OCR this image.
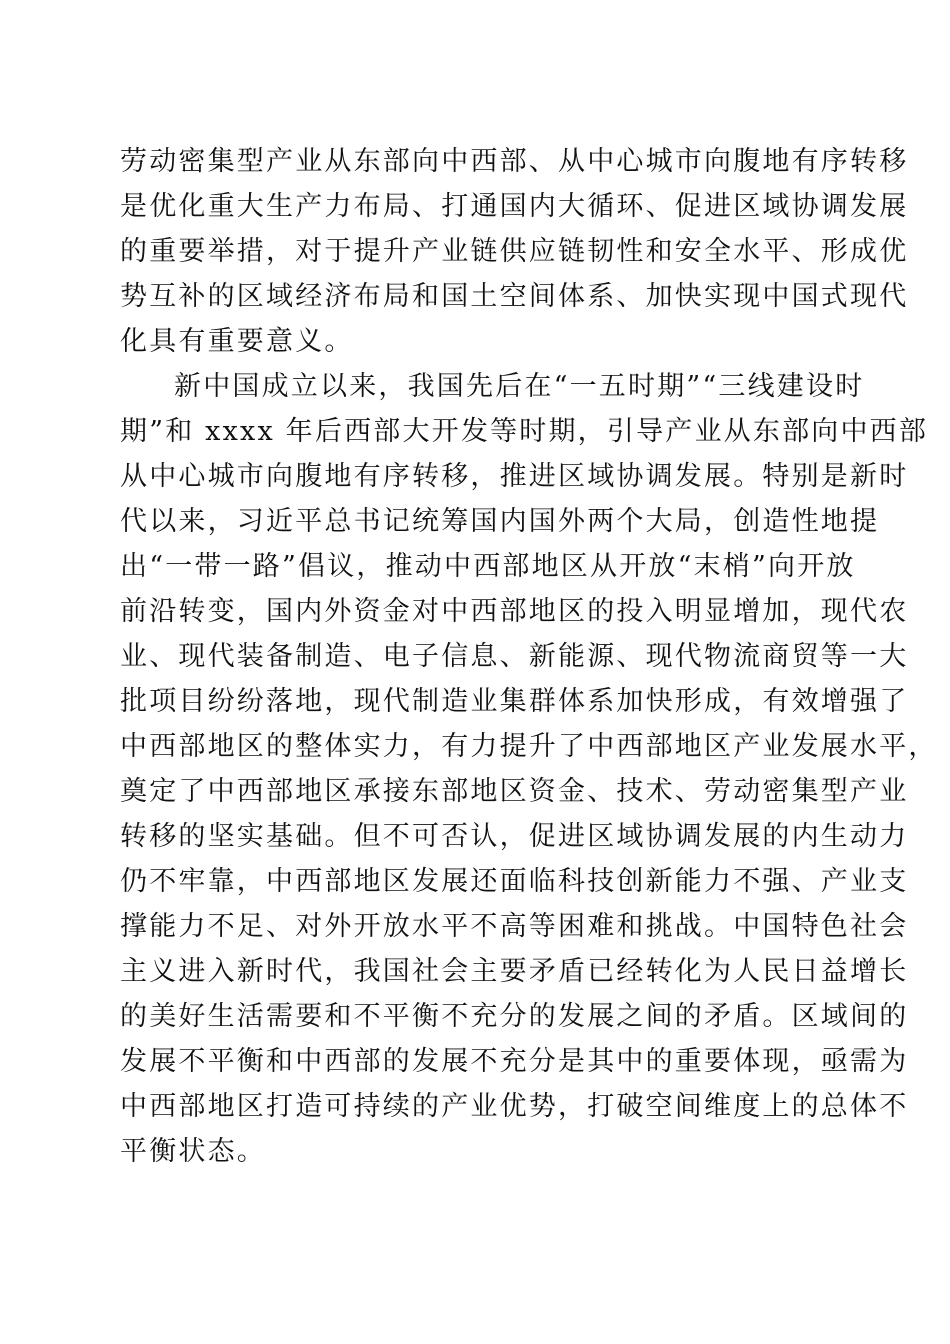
劳动密集型产业从东部向中西部、从中心城市向腹地有序转移
是优化重大生产力布局、打通国内大循环、促进区域协调发展
的重要举措，对于提升产业链供应链韧性和安全水平、形成优
势互补的区域经济布局和国土空间体系、加快实现中国式现代
化具有重要意义。
新中国成立以来，我国先后在“一五时期”“三线建设时
期”和 xxxx 年后西部大开发等时期，引导产业从东部向中西部
从中心城市向腹地有序转移，推进区域协调发展。特别是新时
代以来，习近平总书记统筹国内国外两个大局，创造性地提
出“一带一路”倡议，推动中西部地区从开放“末梢”向开放
前沿转变，国内外资金对中西部地区的投入明显增加，现代农
业、现代装备制造、电子信息、新能源、现代物流商贸等一大
批项目纷纷落地，现代制造业集群体系加快形成，有效增强了
中西部地区的整体实力，有力提升了中西部地区产业发展水平，
奠定了中西部地区承接东部地区资金、技术、劳动密集型产业
转移的坚实基础。但不可否认，促进区域协调发展的内生动力
仍不牢靠，中西部地区发展还面临科技创新能力不强、产业支
撑能力不足、对外开放水平不高等困难和挑战。中国特色社会
主义进入新时代，我国社会主要矛盾已经转化为人民日益增长
的美好生活需要和不平衡不充分的发展之间的矛盾。区域间的
发展不平衡和中西部的发展不充分是其中的重要体现，亟需为
中西部地区打造可持续的产业优势，打破空间维度上的总体不
平衡状态。
